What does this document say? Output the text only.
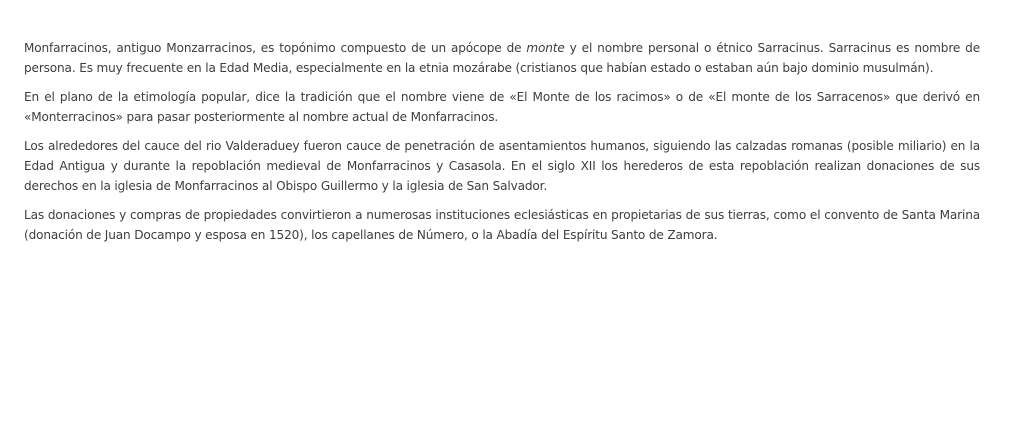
Monfarracinos, antiguo Monzarracinos, es topónimo compuesto de un apócope de monte y el nombre personal o étnico Sarracinus. Sarracinus es nombre de persona. Es muy frecuente en la Edad Media, especialmente en la etnia mozárabe (cristianos que habían estado o estaban aún bajo dominio musulmán).

En el plano de la etimología popular, dice la tradición que el nombre viene de «El Monte de los racimos» o de «El monte de los Sarracenos» que derivó en «Monterracinos» para pasar posteriormente al nombre actual de Monfarracinos.

Los alrededores del cauce del rio Valderaduey fueron cauce de penetración de asentamientos humanos, siguiendo las calzadas romanas (posible miliario) en la Edad Antigua y durante la repoblación medieval de Monfarracinos y Casasola. En el siglo XII los herederos de esta repoblación realizan donaciones de sus derechos en la iglesia de Monfarracinos al Obispo Guillermo y la iglesia de San Salvador.

Las donaciones y compras de propiedades convirtieron a numerosas instituciones eclesiásticas en propietarias de sus tierras, como el convento de Santa Marina (donación de Juan Docampo y esposa en 1520), los capellanes de Número, o la Abadía del Espíritu Santo de Zamora.
